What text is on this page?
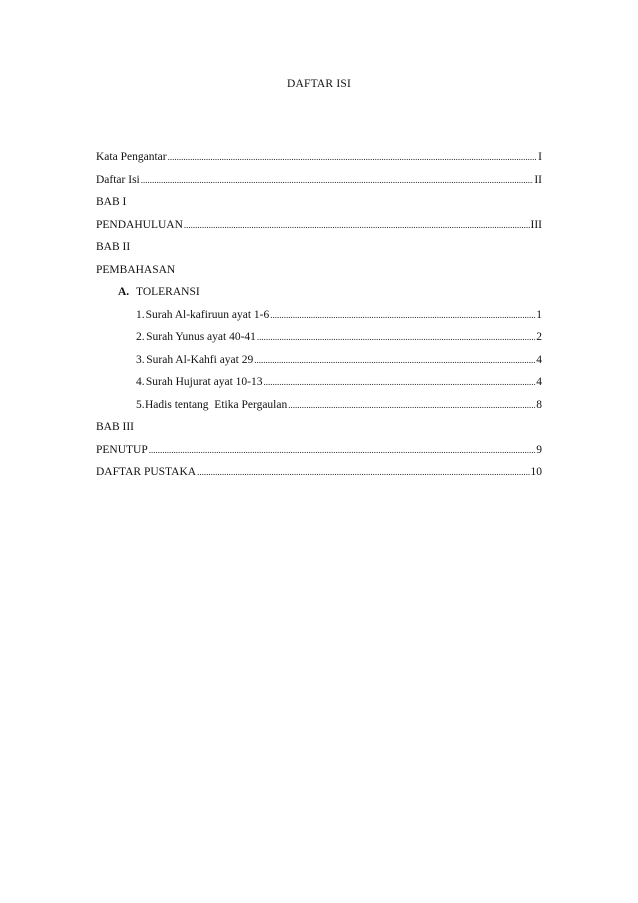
DAFTAR ISI
Kata Pengantar .....	I
Daftar Isi .....	II
BAB I
PENDAHULUAN .....	III
BAB II
PEMBAHASAN
A. TOLERANSI
1. Surah Al-kafiruun ayat 1-6 .....	1
2. Surah Yunus ayat 40-41 .....	2
3. Surah Al-Kahfi ayat 29 .....	4
4. Surah Hujurat ayat 10-13 .....	4
5. Hadis tentang  Etika Pergaulan .....	8
BAB III
PENUTUP .....	9
DAFTAR PUSTAKA .....	10
